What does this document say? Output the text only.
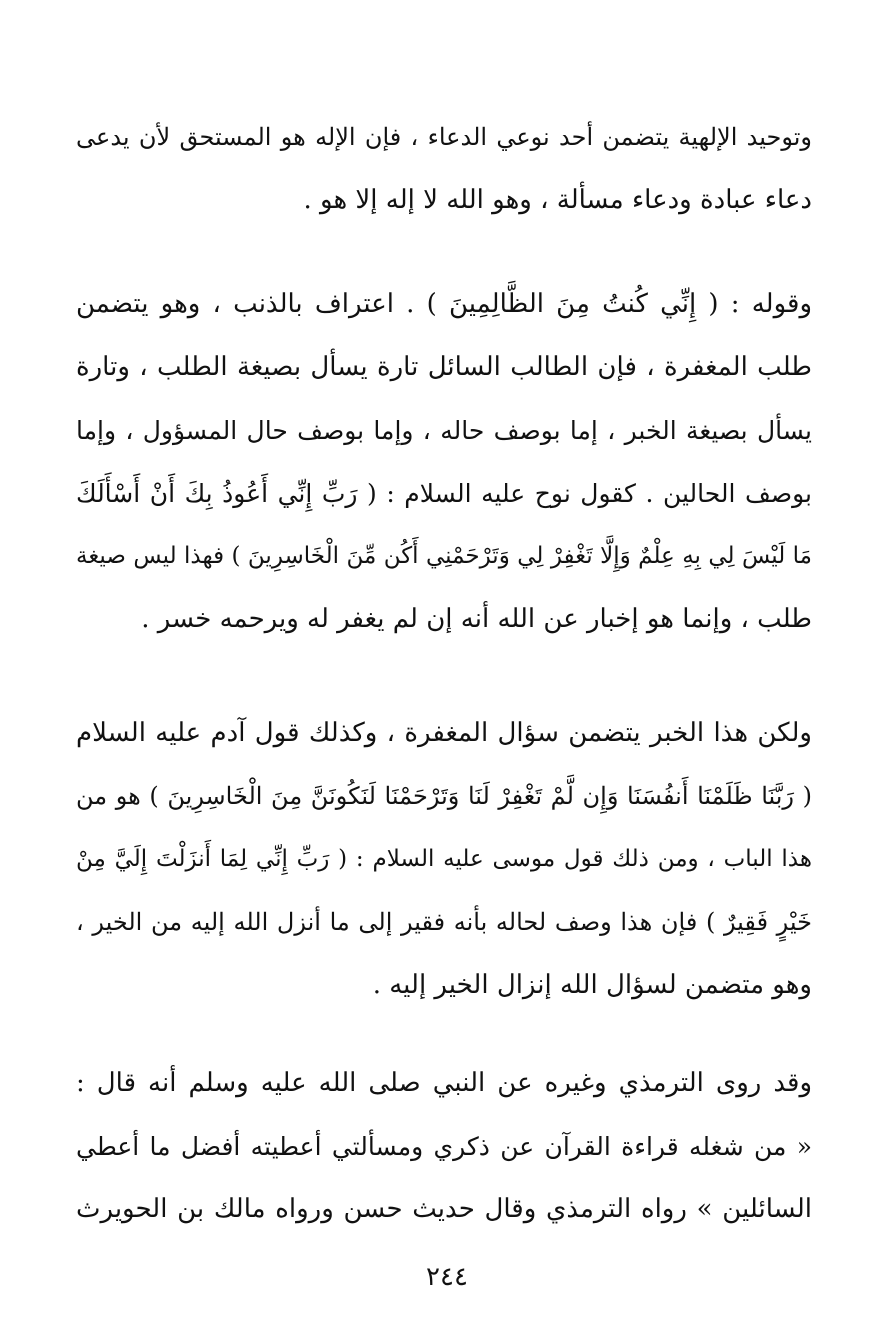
وتوحيد الإلهية يتضمن أحد نوعي الدعاء ، فإن الإله هو المستحق لأن يدعى
دعاء عبادة ودعاء مسألة ، وهو الله لا إله إلا هو .
وقوله : ( إِنِّي كُنتُ مِنَ الظَّالِمِينَ ) . اعتراف بالذنب ، وهو يتضمن
طلب المغفرة ، فإن الطالب السائل تارة يسأل بصيغة الطلب ، وتارة
يسأل بصيغة الخبر ، إما بوصف حاله ، وإما بوصف حال المسؤول ، وإما
بوصف الحالين . كقول نوح عليه السلام : ( رَبِّ إِنِّي أَعُوذُ بِكَ أَنْ أَسْأَلَكَ
مَا لَيْسَ لِي بِهِ عِلْمٌ وَإِلَّا تَغْفِرْ لِي وَتَرْحَمْنِي أَكُن مِّنَ الْخَاسِرِينَ ) فهذا ليس صيغة
طلب ، وإنما هو إخبار عن الله أنه إن لم يغفر له ويرحمه خسر .
ولكن هذا الخبر يتضمن سؤال المغفرة ، وكذلك قول آدم عليه السلام
( رَبَّنَا ظَلَمْنَا أَنفُسَنَا وَإِن لَّمْ تَغْفِرْ لَنَا وَتَرْحَمْنَا لَنَكُونَنَّ مِنَ الْخَاسِرِينَ ) هو من
هذا الباب ، ومن ذلك قول موسى عليه السلام : ( رَبِّ إِنِّي لِمَا أَنزَلْتَ إِلَيَّ مِنْ
خَيْرٍ فَقِيرٌ ) فإن هذا وصف لحاله بأنه فقير إلى ما أنزل الله إليه من الخير ،
وهو متضمن لسؤال الله إنزال الخير إليه .
وقد روى الترمذي وغيره عن النبي صلى الله عليه وسلم أنه قال :
« من شغله قراءة القرآن عن ذكري ومسألتي أعطيته أفضل ما أعطي
السائلين » رواه الترمذي وقال حديث حسن ورواه مالك بن الحويرث
٢٤٤
